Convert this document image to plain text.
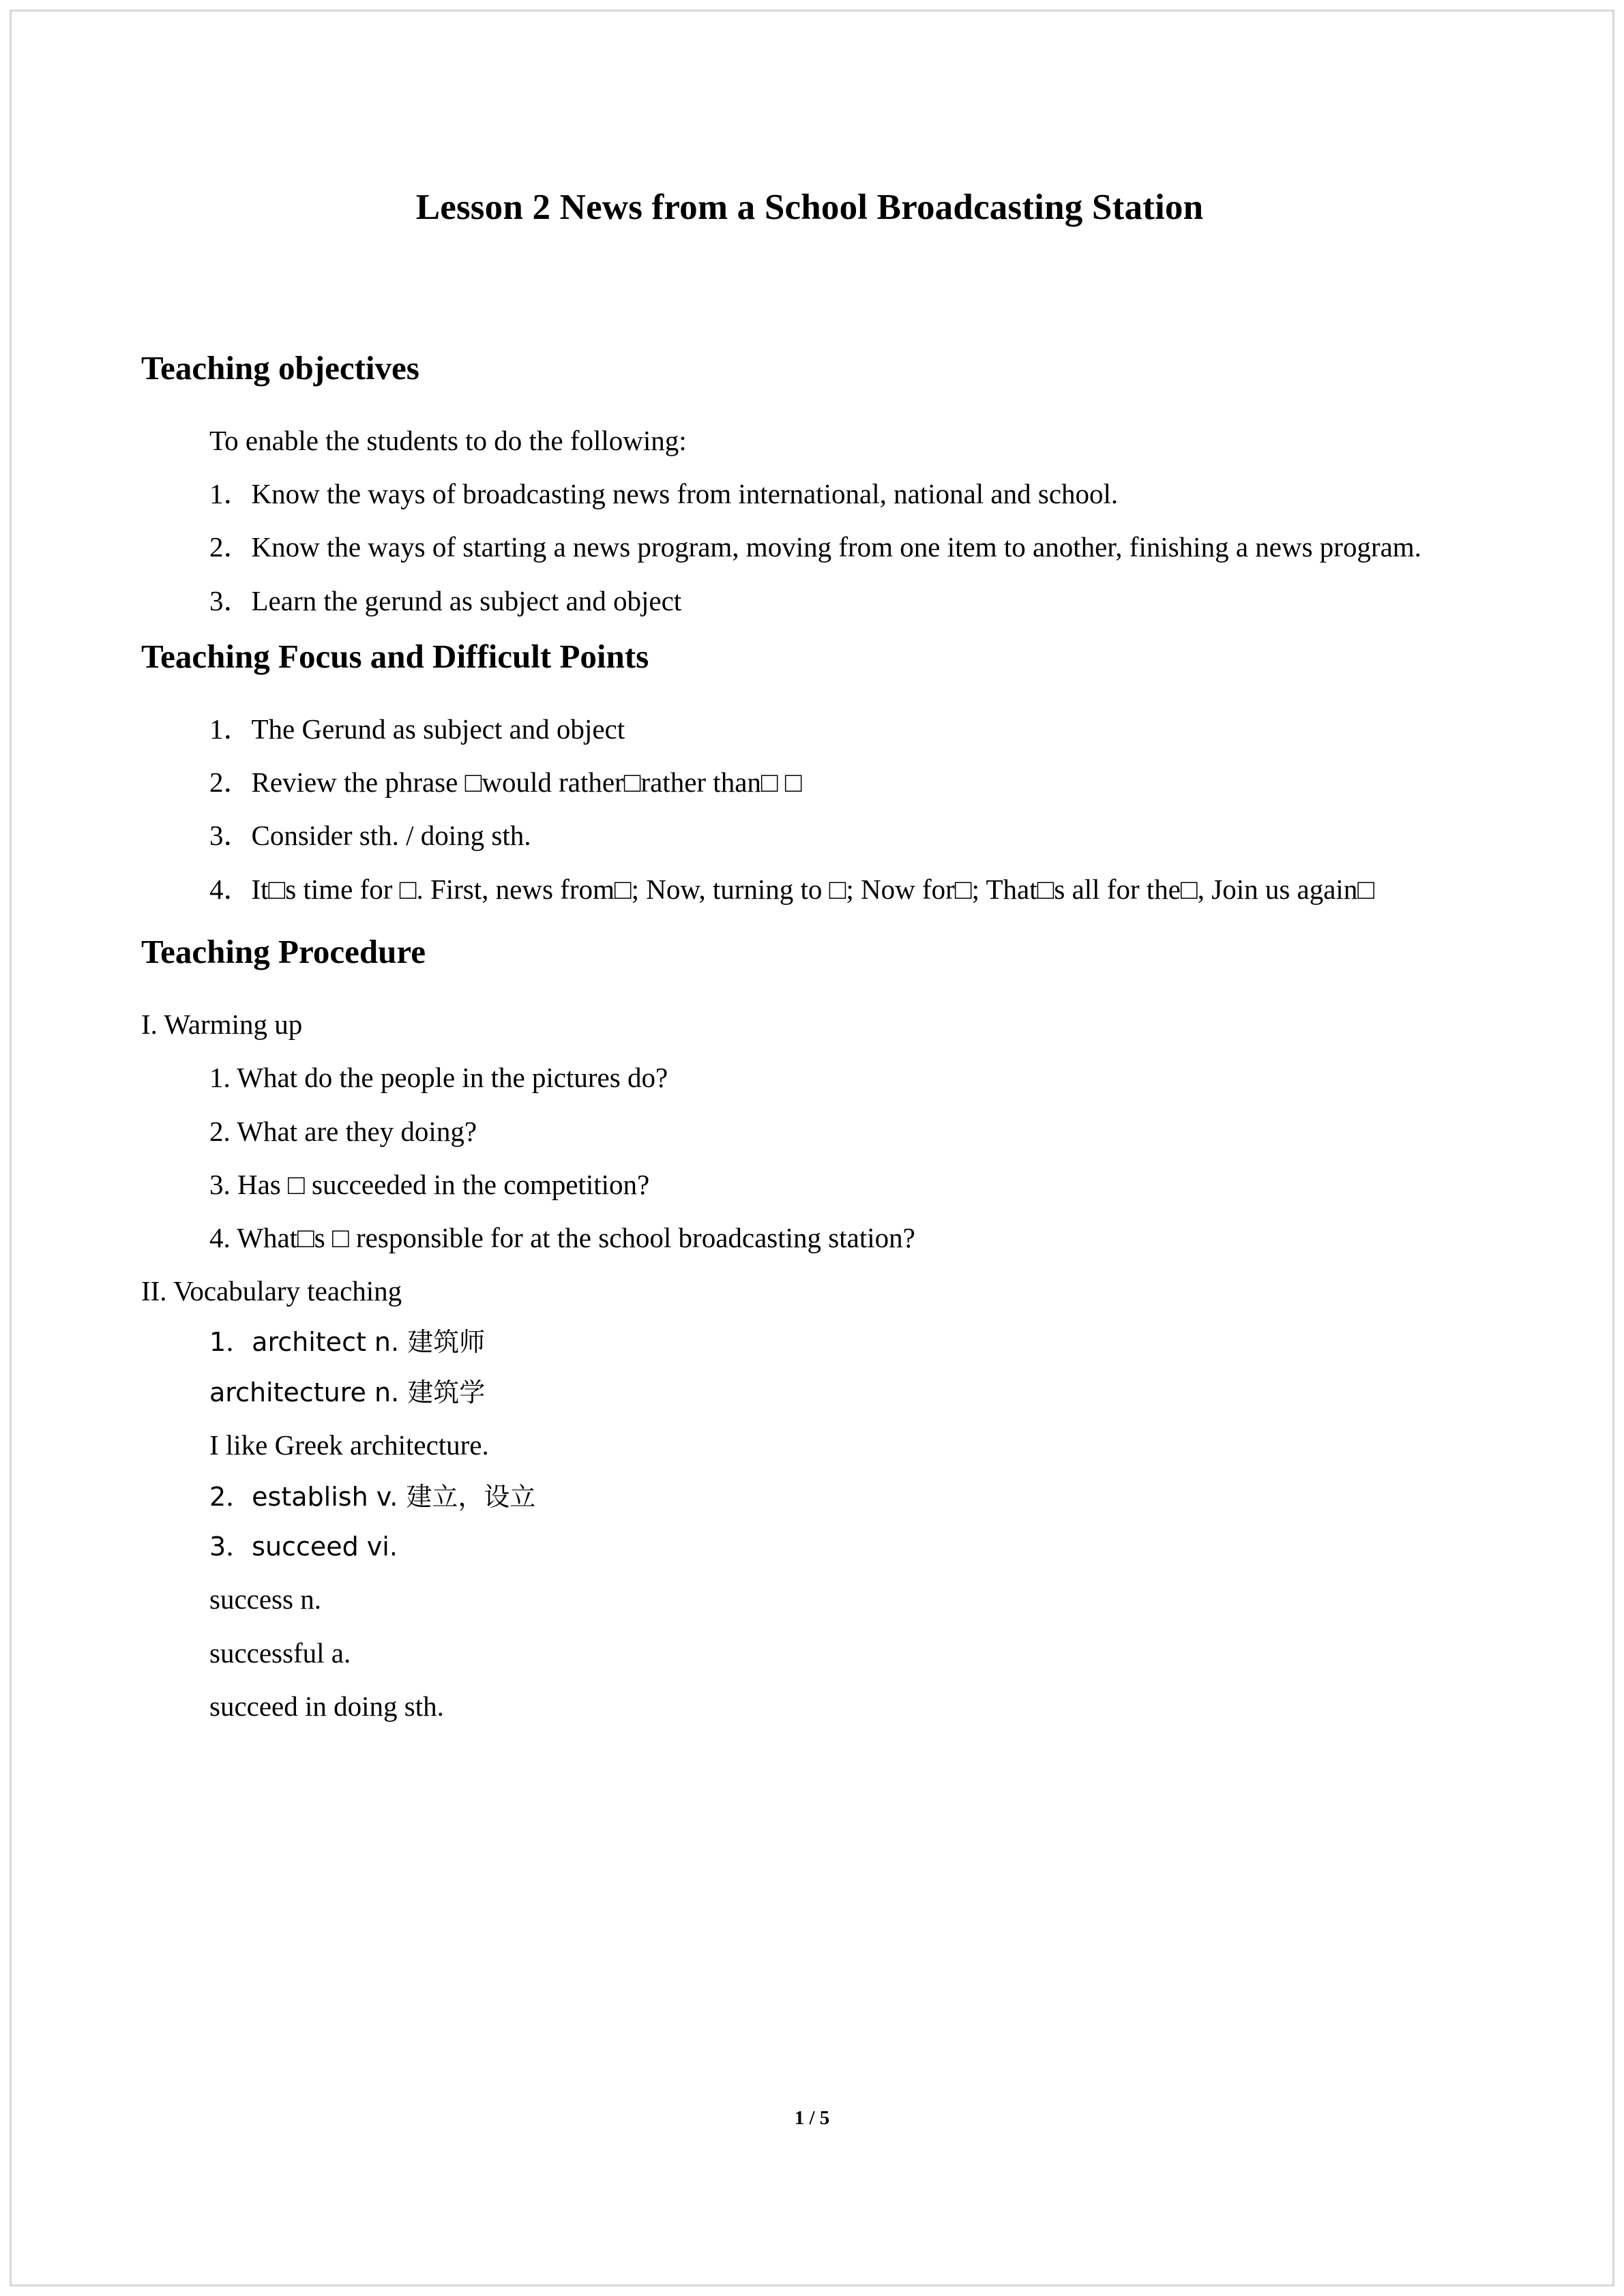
Lesson 2 News from a School Broadcasting Station
Teaching objectives

To enable the students to do the following:

1．Know the ways of broadcasting news from international, national and school.

2．Know the ways of starting a news program, moving from one item to another, finishing a news program.

3．Learn the gerund as subject and object

Teaching Focus and Difficult Points

1．The Gerund as subject and object

2．Review the phrase □would rather□rather than□ □

3．Consider sth. / doing sth.

4．It□s time for □. First, news from□; Now, turning to □; Now for□; That□s all for the□, Join us again□

Teaching Procedure

I. Warming up

1. What do the people in the pictures do?

2. What are they doing?

3. Has □ succeeded in the competition?

4. What□s □ responsible for at the school broadcasting station?

II. Vocabulary teaching

1．architect n. 建筑师

architecture n. 建筑学

I like Greek architecture.

2．establish v. 建立，设立

3．succeed vi.

success n.

successful a.

succeed in doing sth.

1 / 5
